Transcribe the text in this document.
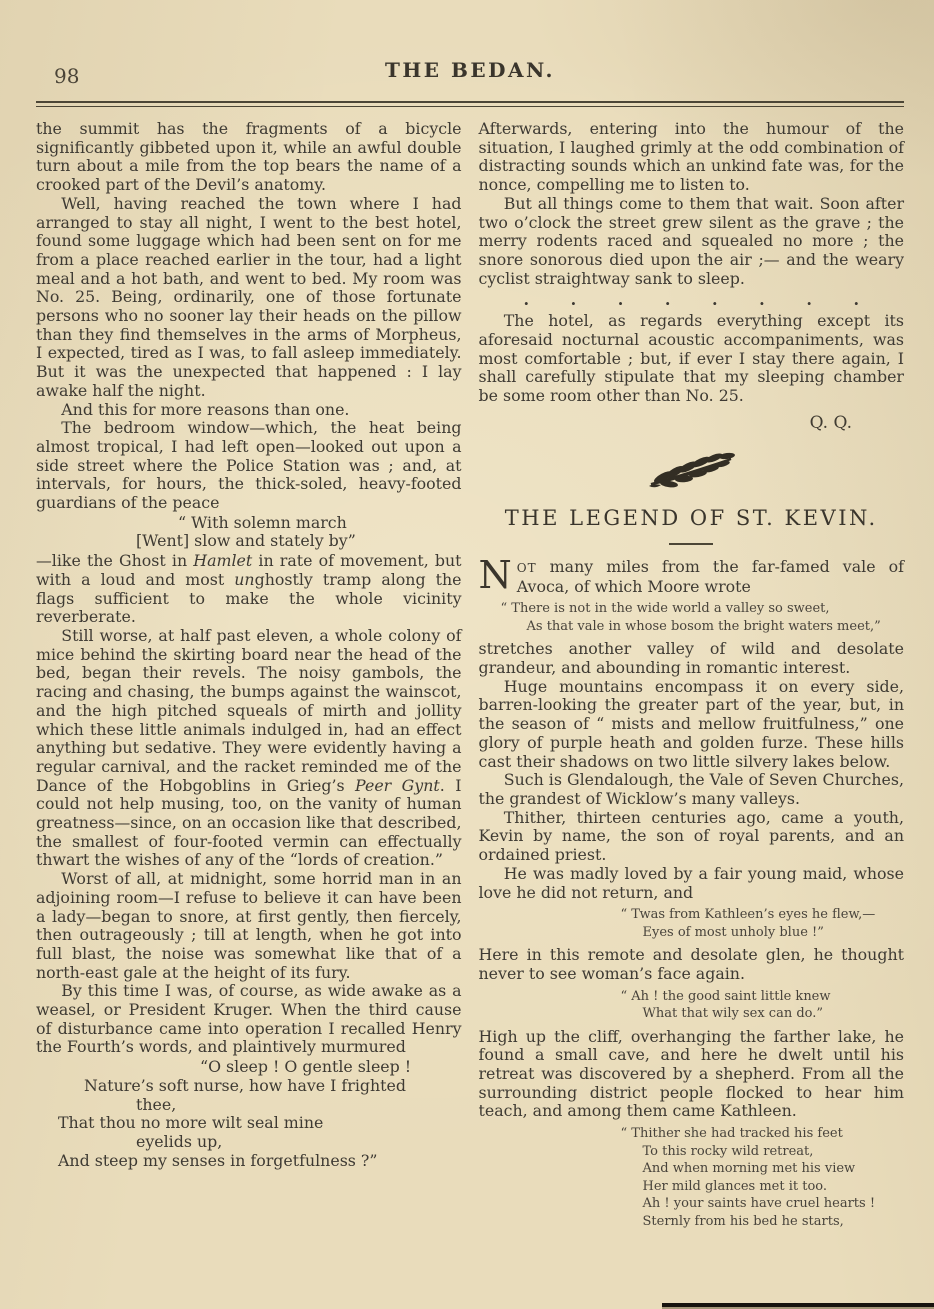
98	THE BEDAN.

the summit has the fragments of a bicycle significantly gibbeted upon it, while an awful double turn about a mile from the top bears the name of a crooked part of the Devil’s anatomy.

Well, having reached the town where I had arranged to stay all night, I went to the best hotel, found some luggage which had been sent on for me from a place reached earlier in the tour, had a light meal and a hot bath, and went to bed. My room was No. 25. Being, ordinarily, one of those fortunate persons who no sooner lay their heads on the pillow than they find themselves in the arms of Morpheus, I expected, tired as I was, to fall asleep immediately. But it was the unexpected that happened : I lay awake half the night.

And this for more reasons than one.

The bedroom window—which, the heat being almost tropical, I had left open—looked out upon a side street where the Police Station was ; and, at intervals, for hours, the thick-soled, heavy-footed guardians of the peace

“ With solemn march
[Went] slow and stately by”

—like the Ghost in Hamlet in rate of movement, but with a loud and most unghostly tramp along the flags sufficient to make the whole vicinity reverberate.

Still worse, at half past eleven, a whole colony of mice behind the skirting board near the head of the bed, began their revels. The noisy gambols, the racing and chasing, the bumps against the wainscot, and the high pitched squeals of mirth and jollity which these little animals indulged in, had an effect anything but sedative. They were evidently having a regular carnival, and the racket reminded me of the Dance of the Hobgoblins in Grieg’s Peer Gynt. I could not help musing, too, on the vanity of human greatness—since, on an occasion like that described, the smallest of four-footed vermin can effectually thwart the wishes of any of the “lords of creation.”

Worst of all, at midnight, some horrid man in an adjoining room—I refuse to believe it can have been a lady—began to snore, at first gently, then fiercely, then outrageously ; till at length, when he got into full blast, the noise was somewhat like that of a north-east gale at the height of its fury.

By this time I was, of course, as wide awake as a weasel, or President Kruger. When the third cause of disturbance came into operation I recalled Henry the Fourth’s words, and plaintively murmured

“O sleep ! O gentle sleep !
Nature’s soft nurse, how have I frighted
thee,
That thou no more wilt seal mine
eyelids up,
And steep my senses in forgetfulness ?”

Afterwards, entering into the humour of the situation, I laughed grimly at the odd combination of distracting sounds which an unkind fate was, for the nonce, compelling me to listen to.

But all things come to them that wait. Soon after two o’clock the street grew silent as the grave ; the merry rodents raced and squealed no more ; the snore sonorous died upon the air ;— and the weary cyclist straightway sank to sleep.

. . . . . . . .

The hotel, as regards everything except its aforesaid nocturnal acoustic accompaniments, was most comfortable ; but, if ever I stay there again, I shall carefully stipulate that my sleeping chamber be some room other than No. 25.

Q. Q.
THE LEGEND OF ST. KEVIN.

NOT many miles from the far-famed vale of Avoca, of which Moore wrote

“ There is not in the wide world a valley so sweet,
As that vale in whose bosom the bright waters meet,”

stretches another valley of wild and desolate grandeur, and abounding in romantic interest.

Huge mountains encompass it on every side, barren-looking the greater part of the year, but, in the season of “ mists and mellow fruitfulness,” one glory of purple heath and golden furze. These hills cast their shadows on two little silvery lakes below.

Such is Glendalough, the Vale of Seven Churches, the grandest of Wicklow’s many valleys.

Thither, thirteen centuries ago, came a youth, Kevin by name, the son of royal parents, and an ordained priest.

He was madly loved by a fair young maid, whose love he did not return, and

“ Twas from Kathleen’s eyes he flew,—
Eyes of most unholy blue !”

Here in this remote and desolate glen, he thought never to see woman’s face again.

“ Ah ! the good saint little knew
What that wily sex can do.”

High up the cliff, overhanging the farther lake, he found a small cave, and here he dwelt until his retreat was discovered by a shepherd. From all the surrounding district people flocked to hear him teach, and among them came Kathleen.

“ Thither she had tracked his feet
To this rocky wild retreat,
And when morning met his view
Her mild glances met it too.
Ah ! your saints have cruel hearts !
Sternly from his bed he starts,
